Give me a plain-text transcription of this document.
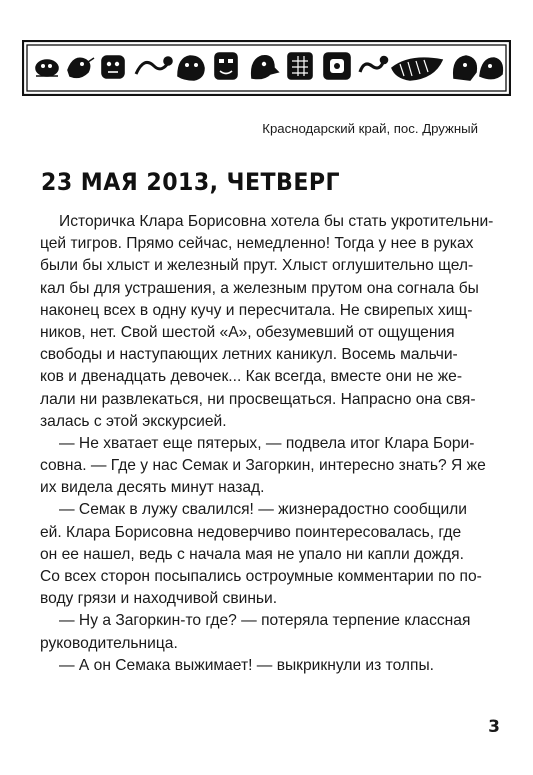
Краснодарский край, пос. Дружный
23 МАЯ 2013, ЧЕТВЕРГ
Историчка Клара Борисовна хотела бы стать укротительни-
цей тигров. Прямо сейчас, немедленно! Тогда у нее в руках
были бы хлыст и железный прут. Хлыст оглушительно щел-
кал бы для устрашения, а железным прутом она согнала бы
наконец всех в одну кучу и пересчитала. Не свирепых хищ-
ников, нет. Свой шестой «А», обезумевший от ощущения
свободы и наступающих летних каникул. Восемь мальчи-
ков и двенадцать девочек... Как всегда, вместе они не же-
лали ни развлекаться, ни просвещаться. Напрасно она свя-
залась с этой экскурсией.
— Не хватает еще пятерых, — подвела итог Клара Бори-
совна. — Где у нас Семак и Загоркин, интересно знать? Я же
их видела десять минут назад.
— Семак в лужу свалился! — жизнерадостно сообщили
ей. Клара Борисовна недоверчиво поинтересовалась, где
он ее нашел, ведь с начала мая не упало ни капли дождя.
Со всех сторон посыпались остроумные комментарии по по-
воду грязи и находчивой свиньи.
— Ну а Загоркин-то где? — потеряла терпение классная
руководительница.
— А он Семака выжимает! — выкрикнули из толпы.
3
